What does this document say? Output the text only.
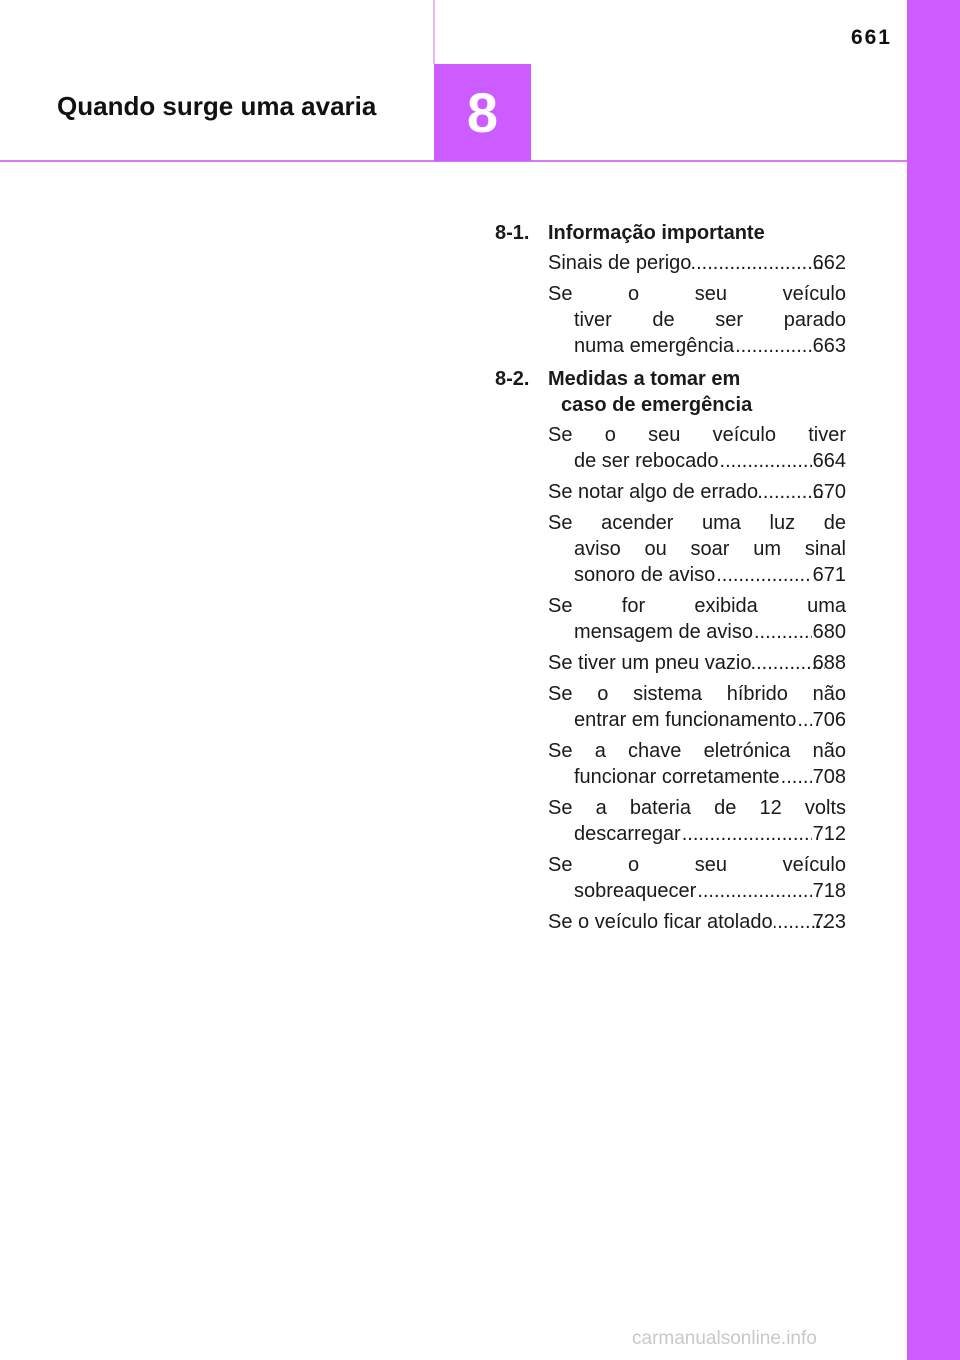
661
Quando surge uma avaria 8
8-1. Informação importante
Sinais de perigo .....	662
Se o seu veículo
tiver de ser parado
numa emergência .....	663
8-2. Medidas a tomar em
caso de emergência
Se o seu veículo tiver
de ser rebocado .....	664
Se notar algo de errado .....	670
Se acender uma luz de
aviso ou soar um sinal
sonoro de aviso .....	671
Se for exibida uma
mensagem de aviso .....	680
Se tiver um pneu vazio .....	688
Se o sistema híbrido não
entrar em funcionamento ..... 706
Se a chave eletrónica não
funcionar corretamente ..... 708
Se a bateria de 12 volts
descarregar .....	712
Se o seu veículo
sobreaquecer .....	718
Se o veículo ficar atolado ..... 723
carmanualsonline.info
